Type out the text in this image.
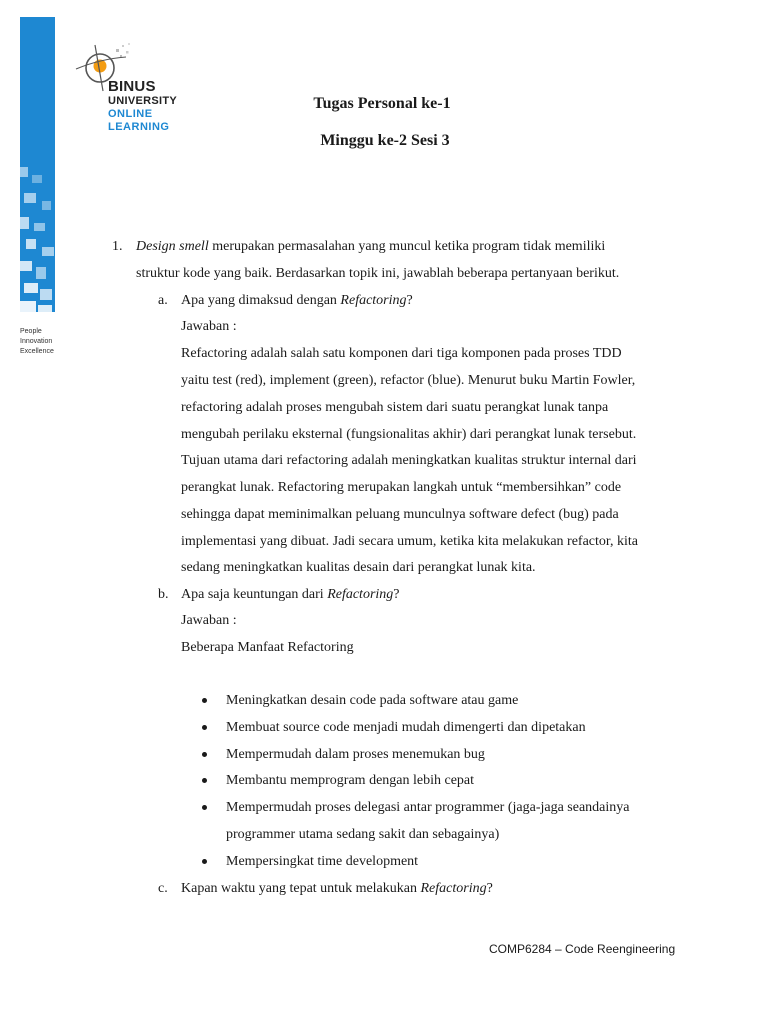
People
Innovation
Excellence
BINUS
UNIVERSITY
ONLINE
LEARNING
Tugas Personal ke-1
Minggu ke-2 Sesi 3
1. Design smell merupakan permasalahan yang muncul ketika program tidak memiliki
struktur kode yang baik. Berdasarkan topik ini, jawablah beberapa pertanyaan berikut.
a. Apa yang dimaksud dengan Refactoring?
Jawaban :
Refactoring adalah salah satu komponen dari tiga komponen pada proses TDD
yaitu test (red), implement (green), refactor (blue). Menurut buku Martin Fowler,
refactoring adalah proses mengubah sistem dari suatu perangkat lunak tanpa
mengubah perilaku eksternal (fungsionalitas akhir) dari perangkat lunak tersebut.
Tujuan utama dari refactoring adalah meningkatkan kualitas struktur internal dari
perangkat lunak. Refactoring merupakan langkah untuk “membersihkan” code
sehingga dapat meminimalkan peluang munculnya software defect (bug) pada
implementasi yang dibuat. Jadi secara umum, ketika kita melakukan refactor, kita
sedang meningkatkan kualitas desain dari perangkat lunak kita.
b. Apa saja keuntungan dari Refactoring?
Jawaban :
Beberapa Manfaat Refactoring
Meningkatkan desain code pada software atau game
Membuat source code menjadi mudah dimengerti dan dipetakan
Mempermudah dalam proses menemukan bug
Membantu memprogram dengan lebih cepat
Mempermudah proses delegasi antar programmer (jaga-jaga seandainya
programmer utama sedang sakit dan sebagainya)
Mempersingkat time development
c. Kapan waktu yang tepat untuk melakukan Refactoring?
COMP6284 – Code Reengineering
